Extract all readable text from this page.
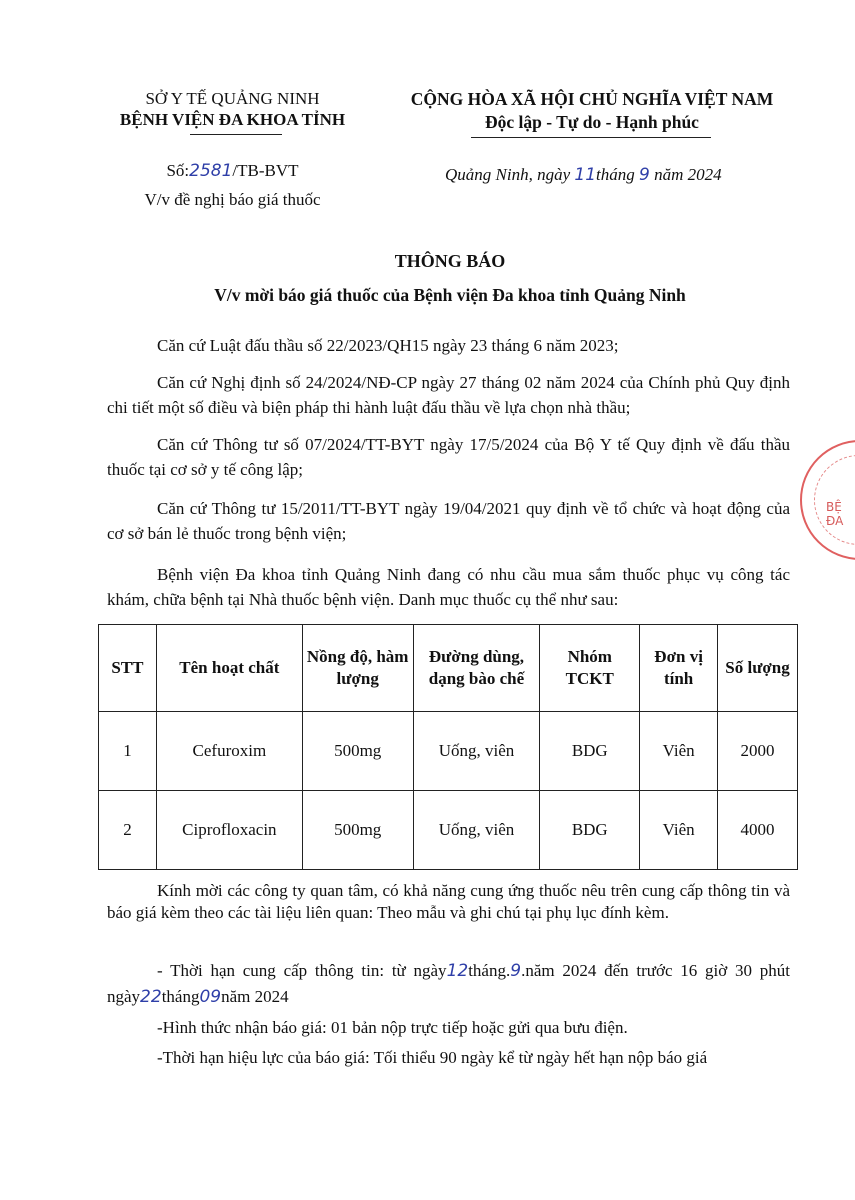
SỞ Y TẾ QUẢNG NINH
BỆNH VIỆN ĐA KHOA TỈNH
Số:2581/TB-BVT
V/v đề nghị báo giá thuốc
CỘNG HÒA XÃ HỘI CHỦ NGHĨA VIỆT NAM
Độc lập - Tự do - Hạnh phúc
Quảng Ninh, ngày 11tháng 9 năm 2024
THÔNG BÁO
V/v mời báo giá thuốc của Bệnh viện Đa khoa tỉnh Quảng Ninh
Căn cứ Luật đấu thầu số 22/2023/QH15 ngày 23 tháng 6 năm 2023;
Căn cứ Nghị định số 24/2024/NĐ-CP ngày 27 tháng 02 năm 2024 của Chính phủ Quy định chi tiết một số điều và biện pháp thi hành luật đấu thầu về lựa chọn nhà thầu;
Căn cứ Thông tư số 07/2024/TT-BYT ngày 17/5/2024 của Bộ Y tế Quy định về đấu thầu thuốc tại cơ sở y tế công lập;
Căn cứ Thông tư 15/2011/TT-BYT ngày 19/04/2021 quy định về tổ chức và hoạt động của cơ sở bán lẻ thuốc trong bệnh viện;
Bệnh viện Đa khoa tỉnh Quảng Ninh đang có nhu cầu mua sắm thuốc phục vụ công tác khám, chữa bệnh tại Nhà thuốc bệnh viện. Danh mục thuốc cụ thể như sau:
STT	Tên hoạt chất	Nồng độ, hàm lượng	Đường dùng, dạng bào chế	Nhóm TCKT	Đơn vị tính	Số lượng
1	Cefuroxim	500mg	Uống, viên	BDG	Viên	2000
2	Ciprofloxacin	500mg	Uống, viên	BDG	Viên	4000
Kính mời các công ty quan tâm, có khả năng cung ứng thuốc nêu trên cung cấp thông tin và báo giá kèm theo các tài liệu liên quan: Theo mẫu và ghi chú tại phụ lục đính kèm.
- Thời hạn cung cấp thông tin: từ ngày12tháng.9.năm 2024 đến trước 16 giờ 30 phút ngày22tháng09năm 2024
-Hình thức nhận báo giá: 01 bản nộp trực tiếp hoặc gửi qua bưu điện.
-Thời hạn hiệu lực của báo giá: Tối thiểu 90 ngày kể từ ngày hết hạn nộp báo giá
BỆ ĐA
